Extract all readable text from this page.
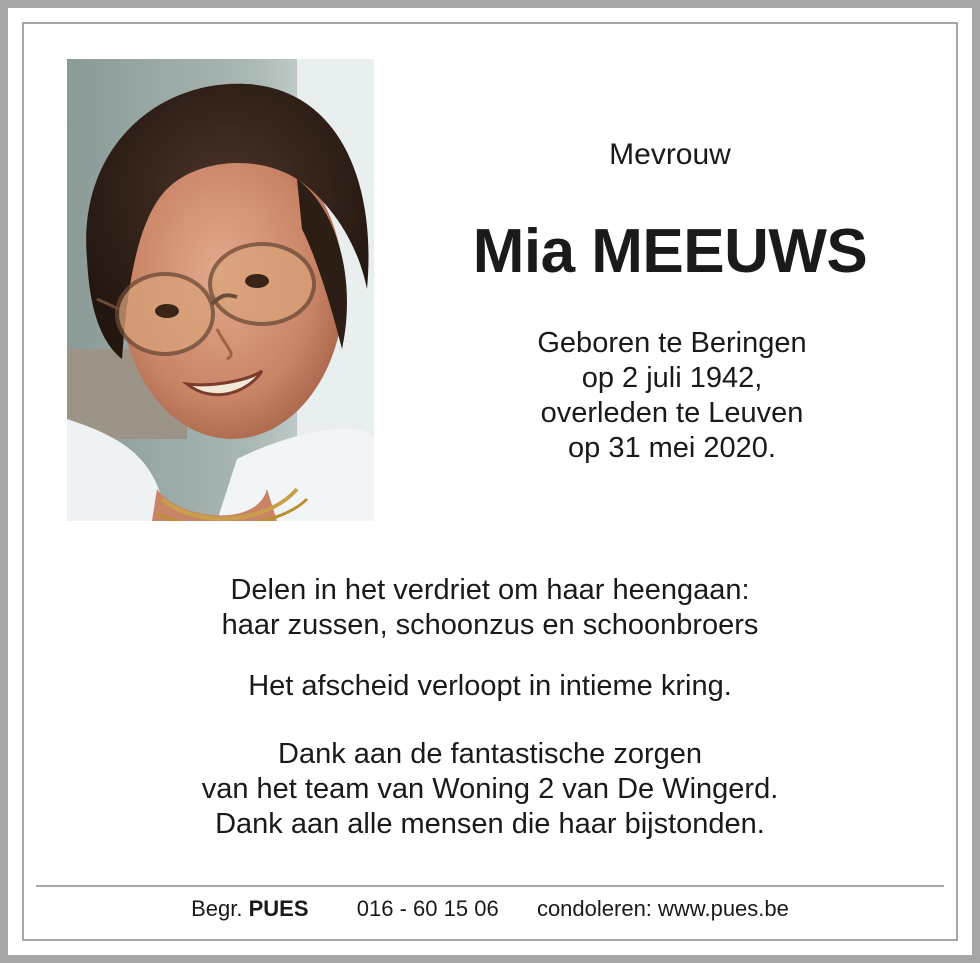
Mevrouw
Mia MEEUWS
Geboren te Beringen
op 2 juli 1942,
overleden te Leuven
op 31 mei 2020.
Delen in het verdriet om haar heengaan:
haar zussen, schoonzus en schoonbroers
Het afscheid verloopt in intieme kring.
Dank aan de fantastische zorgen
van het team van Woning 2 van De Wingerd.
Dank aan alle mensen die haar bijstonden.
Begr. PUES 016 - 60 15 06 condoleren: www.pues.be
